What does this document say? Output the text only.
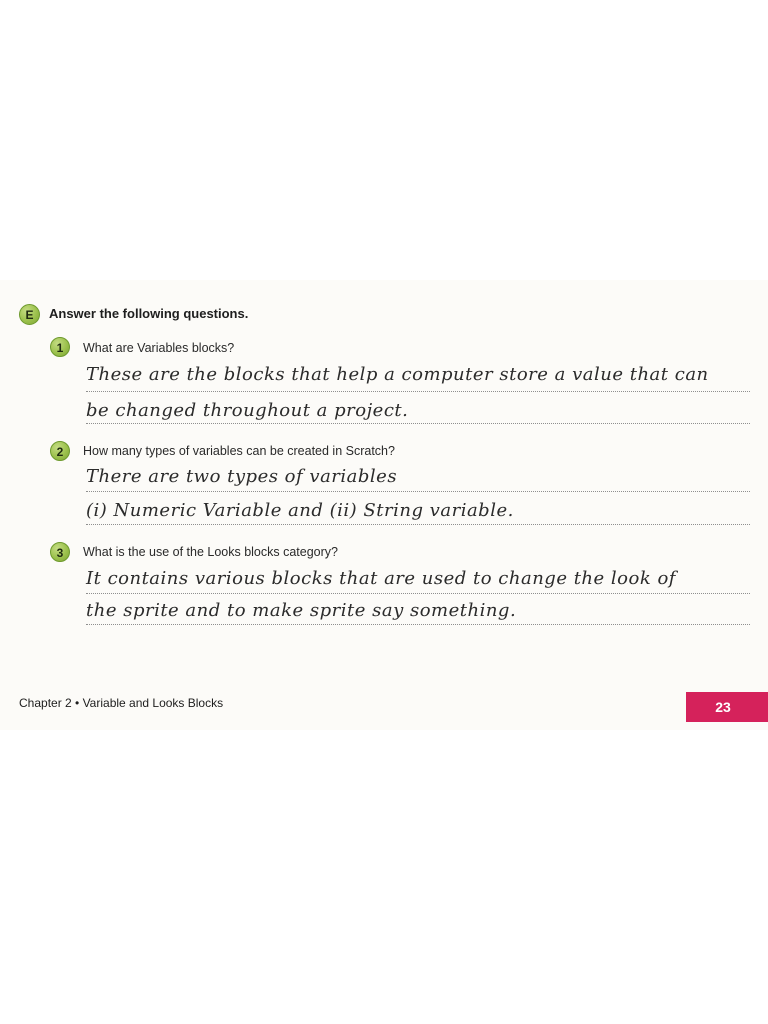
E	Answer the following questions.
1	What are Variables blocks?
These are the blocks that help a computer store a value that can
be changed throughout a project.
2	How many types of variables can be created in Scratch?
There are two types of variables
(i) Numeric Variable and (ii) String variable.
3	What is the use of the Looks blocks category?
It contains various blocks that are used to change the look of
the sprite and to make sprite say something.
Chapter 2 • Variable and Looks Blocks	23
